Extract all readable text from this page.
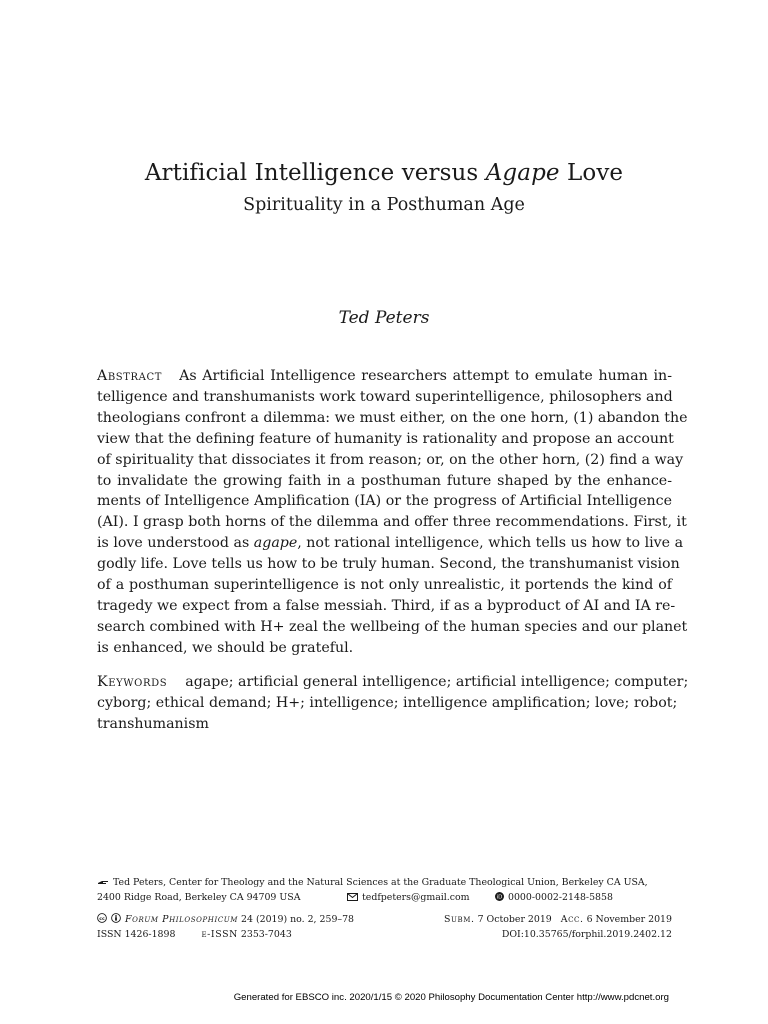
Artificial Intelligence versus Agape Love
Spirituality in a Posthuman Age
Ted Peters
Abstract As Artificial Intelligence researchers attempt to emulate human in-
telligence and transhumanists work toward superintelligence, philosophers and
theologians confront a dilemma: we must either, on the one horn, (1) abandon the
view that the defining feature of humanity is rationality and propose an account
of spirituality that dissociates it from reason; or, on the other horn, (2) find a way
to invalidate the growing faith in a posthuman future shaped by the enhance-
ments of Intelligence Amplification (IA) or the progress of Artificial Intelligence
(AI). I grasp both horns of the dilemma and offer three recommendations. First, it
is love understood as agape, not rational intelligence, which tells us how to live a
godly life. Love tells us how to be truly human. Second, the transhumanist vision
of a posthuman superintelligence is not only unrealistic, it portends the kind of
tragedy we expect from a false messiah. Third, if as a byproduct of AI and IA re-
search combined with H+ zeal the wellbeing of the human species and our planet
is enhanced, we should be grateful.
Keywords agape; artificial general intelligence; artificial intelligence; computer;
cyborg; ethical demand; H+; intelligence; intelligence amplification; love; robot;
transhumanism
Ted Peters, Center for Theology and the Natural Sciences at the Graduate Theological Union, Berkeley CA USA,
2400 Ridge Road, Berkeley CA 94709 USA	tedfpeters@gmail.com	iD 0000-0002-2148-5858
cc Forum Philosophicum 24 (2019) no. 2, 259–78	Subm. 7 October 2019 Acc. 6 November 2019
ISSN 1426-1898	e-ISSN 2353-7043	DOI:10.35765/forphil.2019.2402.12
Generated for EBSCO inc. 2020/1/15 © 2020 Philosophy Documentation Center http://www.pdcnet.org
